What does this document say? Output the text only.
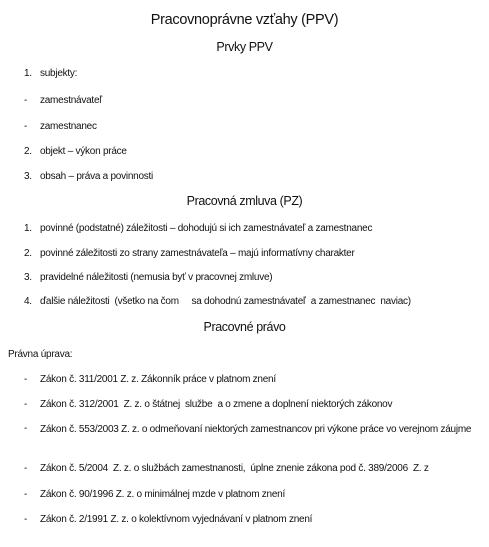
Pracovnoprávne vzťahy (PPV)
Prvky PPV
1. subjekty:
- zamestnávateľ
- zamestnanec
2. objekt – výkon práce
3. obsah – práva a povinnosti
Pracovná zmluva (PZ)
1. povinné (podstatné) záležitosti – dohodujú si ich zamestnávateľ a zamestnanec
2. povinné záležitosti zo strany zamestnávateľa – majú informatívny charakter
3. pravidelné náležitosti (nemusia byť v pracovnej zmluve)
4. ďalšie náležitosti  (všetko na čom     sa dohodnú zamestnávateľ  a zamestnanec  naviac)
Pracovné právo
Právna úprava:
- Zákon č. 311/2001 Z. z. Zákonník práce v platnom znení
- Zákon č. 312/2001  Z. z. o štátnej  službe  a o zmene a doplnení niektorých zákonov
- Zákon č. 553/2003 Z. z. o odmeňovaní niektorých zamestnancov pri výkone práce vo verejnom záujme
- Zákon č. 5/2004  Z. z. o službách zamestnanosti,  úplne znenie zákona pod č. 389/2006  Z. z
- Zákon č. 90/1996 Z. z. o minimálnej mzde v platnom znení
- Zákon č. 2/1991 Z. z. o kolektívnom vyjednávaní v platnom znení
